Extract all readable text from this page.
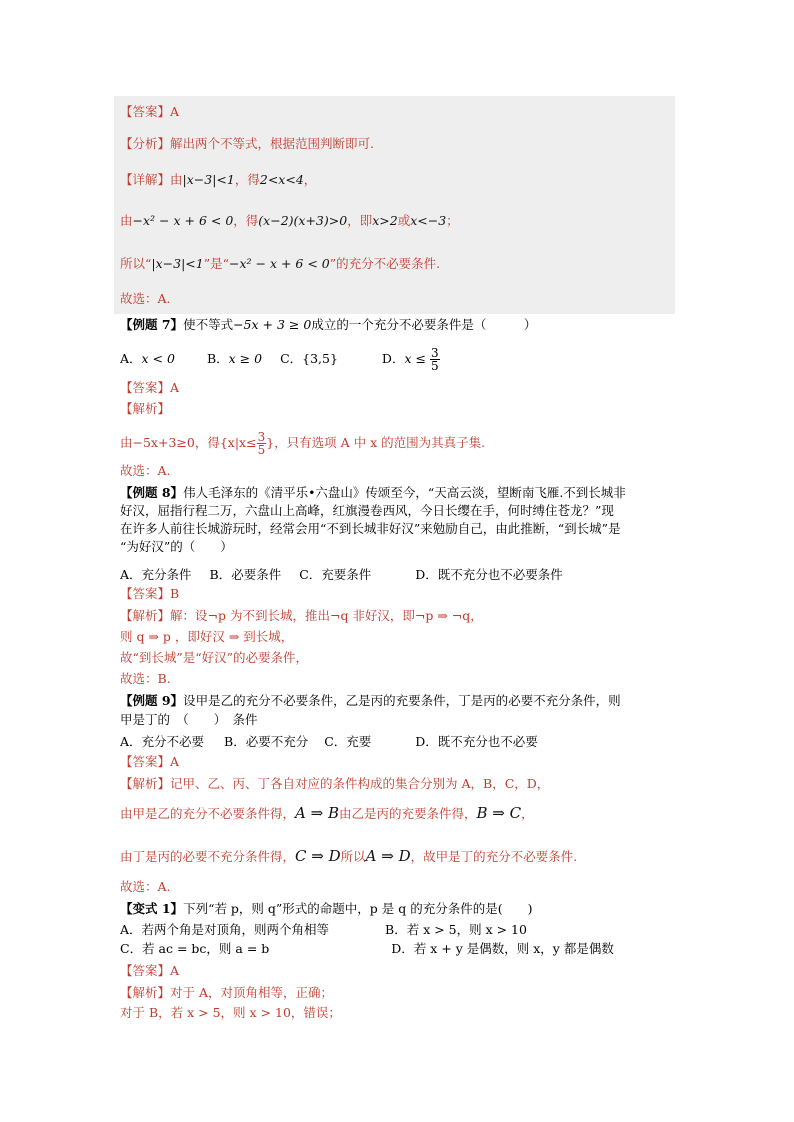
【答案】A
【分析】解出两个不等式，根据范围判断即可.
【详解】由|x−3|<1，得2<x<4，
由−x² − x + 6 < 0，得(x−2)(x+3)>0，即x>2或x<−3；
所以“|x−3|<1”是“−x² − x + 6 < 0”的充分不必要条件.
故选：A.
【例题 7】使不等式−5x + 3 ≥ 0成立的一个充分不必要条件是（　　　）
A．x < 0	B．x ≥ 0 C．{3,5}	D．$x \le \frac{3}{5}$
【答案】A
【解析】
由−5x+3≥0，得{$x|x\le \frac{3}{5}$ }，只有选项 A 中 x 的范围为其真子集.
故选：A.
【例题 8】伟人毛泽东的《清平乐•六盘山》传颂至今，“天高云淡，望断南飞雁.不到长城非
好汉，屈指行程二万，六盘山上高峰，红旗漫卷西风，今日长缨在手，何时缚住苍龙？”现
在许多人前往长城游玩时，经常会用“不到长城非好汉”来勉励自己，由此推断，“到长城”是
“为好汉”的（　　）
A．充分条件 B．必要条件 C．充要条件	D．既不充分也不必要条件
【答案】B
【解析】解：设¬p 为不到长城，推出¬q 非好汉，即¬p ⇒ ¬q，
则 q ⇒ p ，即好汉 ⇒ 到长城，
故“到长城”是“好汉”的必要条件，
故选：B.
【例题 9】设甲是乙的充分不必要条件，乙是丙的充要条件，丁是丙的必要不充分条件，则
甲是丁的　（　　）　条件
A．充分不必要 B．必要不充分 C．充要	D．既不充分也不必要
【答案】A
【解析】记甲、乙、丙、丁各自对应的条件构成的集合分别为 A，B，C，D，
由甲是乙的充分不必要条件得，A ⇒ B由乙是丙的充要条件得，B ⇒ C，
由丁是丙的必要不充分条件得，C ⇒ D所以A ⇒ D，故甲是丁的充分不必要条件.
故选：A.
【变式 1】下列“若 p，则 q”形式的命题中，p 是 q 的充分条件的是(　　)
A．若两个角是对顶角，则两个角相等	B．若 x > 5，则 x > 10
C．若 ac = bc，则 a = b	D．若 x + y 是偶数，则 x，y 都是偶数
【答案】A
【解析】对于 A，对顶角相等，正确；
对于 B，若 x > 5，则 x > 10，错误；
